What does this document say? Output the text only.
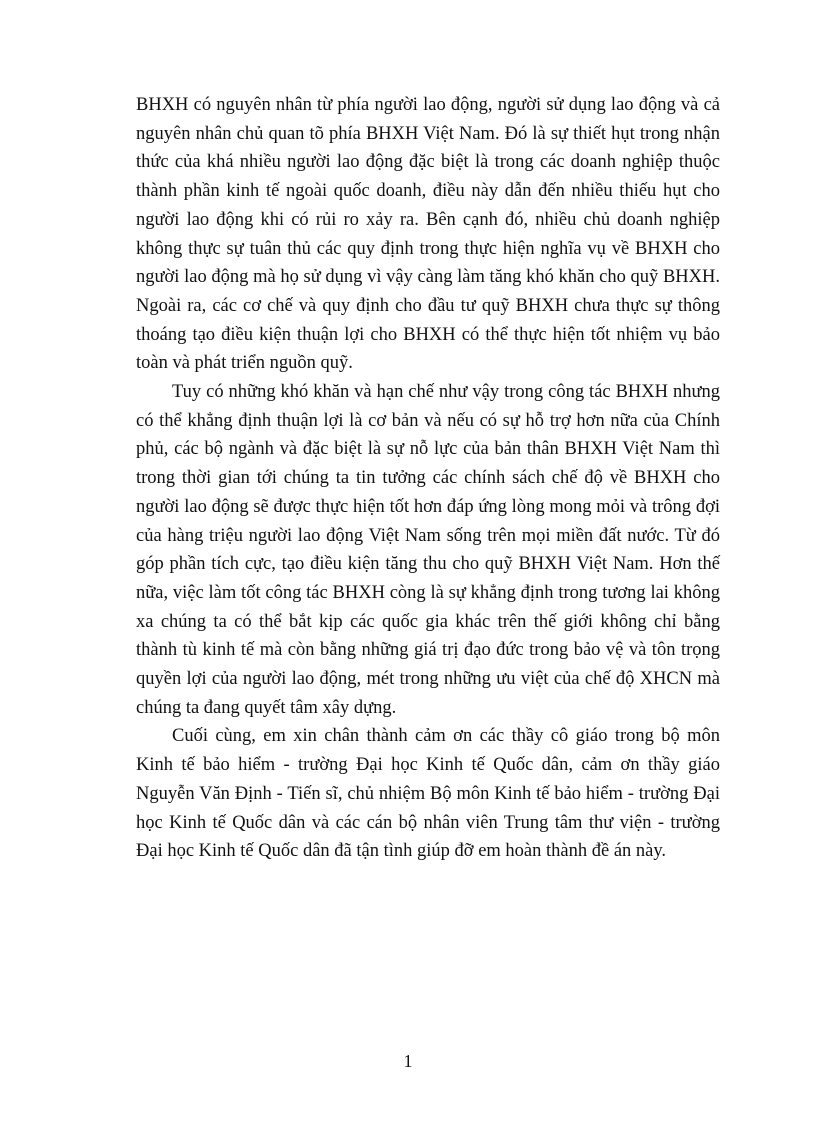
BHXH có nguyên nhân từ phía người lao động, người sử dụng lao động và cả nguyên nhân chủ quan tõ phía BHXH Việt Nam. Đó là sự thiết hụt trong nhận thức của khá nhiều người lao động đặc biệt là trong các doanh nghiệp thuộc thành phần kinh tế ngoài quốc doanh, điều này dẫn đến nhiều thiếu hụt cho người lao động khi có rủi ro xảy ra. Bên cạnh đó, nhiều chủ doanh nghiệp không thực sự tuân thủ các quy định trong thực hiện nghĩa vụ về BHXH cho người lao động mà họ sử dụng vì vậy càng làm tăng khó khăn cho quỹ BHXH. Ngoài ra, các cơ chế và quy định cho đầu tư quỹ BHXH chưa thực sự thông thoáng tạo điều kiện thuận lợi cho BHXH có thể thực hiện tốt nhiệm vụ bảo toàn và phát triển nguồn quỹ.

Tuy có những khó khăn và hạn chế như vậy trong công tác BHXH nhưng có thể khẳng định thuận lợi là cơ bản và nếu có sự hỗ trợ hơn nữa của Chính phủ, các bộ ngành và đặc biệt là sự nỗ lực của bản thân BHXH Việt Nam thì trong thời gian tới chúng ta tin tưởng các chính sách chế độ về BHXH cho người lao động sẽ được thực hiện tốt hơn đáp ứng lòng mong mỏi và trông đợi của hàng triệu người lao động Việt Nam sống trên mọi miền đất nước. Từ đó góp phần tích cực, tạo điều kiện tăng thu cho quỹ BHXH Việt Nam. Hơn thế nữa, việc làm tốt công tác BHXH còng là sự khẳng định trong tương lai không xa chúng ta có thể bắt kịp các quốc gia khác trên thế giới không chỉ bằng thành tù kinh tế mà còn bằng những giá trị đạo đức trong bảo vệ và tôn trọng quyền lợi của người lao động, mét trong những ưu việt của chế độ XHCN mà chúng ta đang quyết tâm xây dựng.

Cuối cùng, em xin chân thành cảm ơn các thầy cô giáo trong bộ môn Kinh tế bảo hiểm - trường Đại học Kinh tế Quốc dân, cảm ơn thầy giáo Nguyễn Văn Định - Tiến sĩ, chủ nhiệm Bộ môn Kinh tế bảo hiểm - trường Đại học Kinh tế Quốc dân và các cán bộ nhân viên Trung tâm thư viện - trường Đại học Kinh tế Quốc dân đã tận tình giúp đỡ em hoàn thành đề án này.

1
